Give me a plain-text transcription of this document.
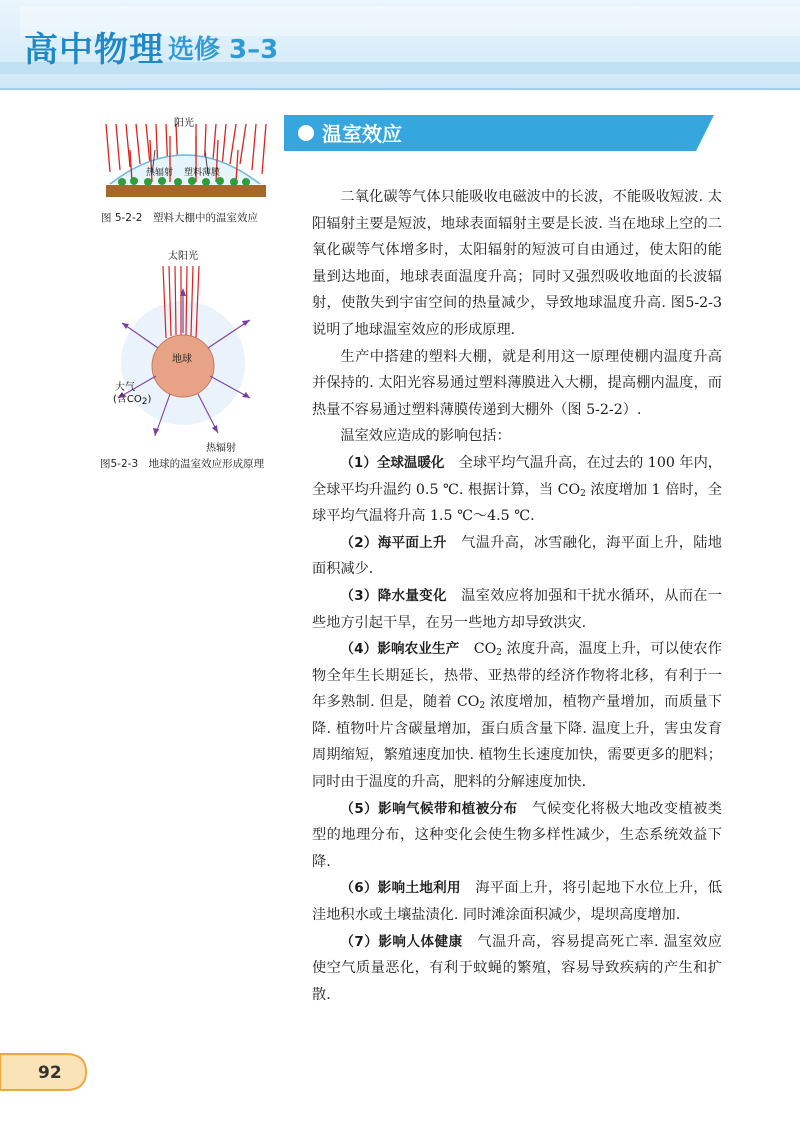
高中物理 选修 3–3
阳光
热辐射 塑料薄膜
图 5-2-2　塑料大棚中的温室效应
太阳光
地球
大气
(含$CO_2$)
热辐射
图5-2-3　地球的温室效应形成原理
温室效应

二氧化碳等气体只能吸收电磁波中的长波，不能吸收短波. 太阳辐射主要是短波，地球表面辐射主要是长波. 当在地球上空的二氧化碳等气体增多时，太阳辐射的短波可自由通过，使太阳的能量到达地面，地球表面温度升高；同时又强烈吸收地面的长波辐射，使散失到宇宙空间的热量减少，导致地球温度升高. 图5-2-3说明了地球温室效应的形成原理.

生产中搭建的塑料大棚，就是利用这一原理使棚内温度升高并保持的. 太阳光容易通过塑料薄膜进入大棚，提高棚内温度，而热量不容易通过塑料薄膜传递到大棚外（图 5-2-2）.

温室效应造成的影响包括：

（1）全球温暖化　全球平均气温升高，在过去的 100 年内，全球平均升温约 0.5 ℃. 根据计算，当 $CO_2$ 浓度增加 1 倍时，全球平均气温将升高 1.5 ℃～4.5 ℃.

（2）海平面上升　气温升高，冰雪融化，海平面上升，陆地面积减少.

（3）降水量变化　温室效应将加强和干扰水循环，从而在一些地方引起干旱，在另一些地方却导致洪灾.

（4）影响农业生产　$CO_2$ 浓度升高，温度上升，可以使农作物全年生长期延长，热带、亚热带的经济作物将北移，有利于一年多熟制. 但是，随着 $CO_2$ 浓度增加，植物产量增加，而质量下降. 植物叶片含碳量增加，蛋白质含量下降. 温度上升，害虫发育周期缩短，繁殖速度加快. 植物生长速度加快，需要更多的肥料；同时由于温度的升高，肥料的分解速度加快.

（5）影响气候带和植被分布　气候变化将极大地改变植被类型的地理分布，这种变化会使生物多样性减少，生态系统效益下降.

（6）影响土地利用　海平面上升，将引起地下水位上升，低洼地积水或土壤盐渍化. 同时滩涂面积减少，堤坝高度增加.

（7）影响人体健康　气温升高，容易提高死亡率. 温室效应使空气质量恶化，有利于蚊蝇的繁殖，容易导致疾病的产生和扩散.

92
